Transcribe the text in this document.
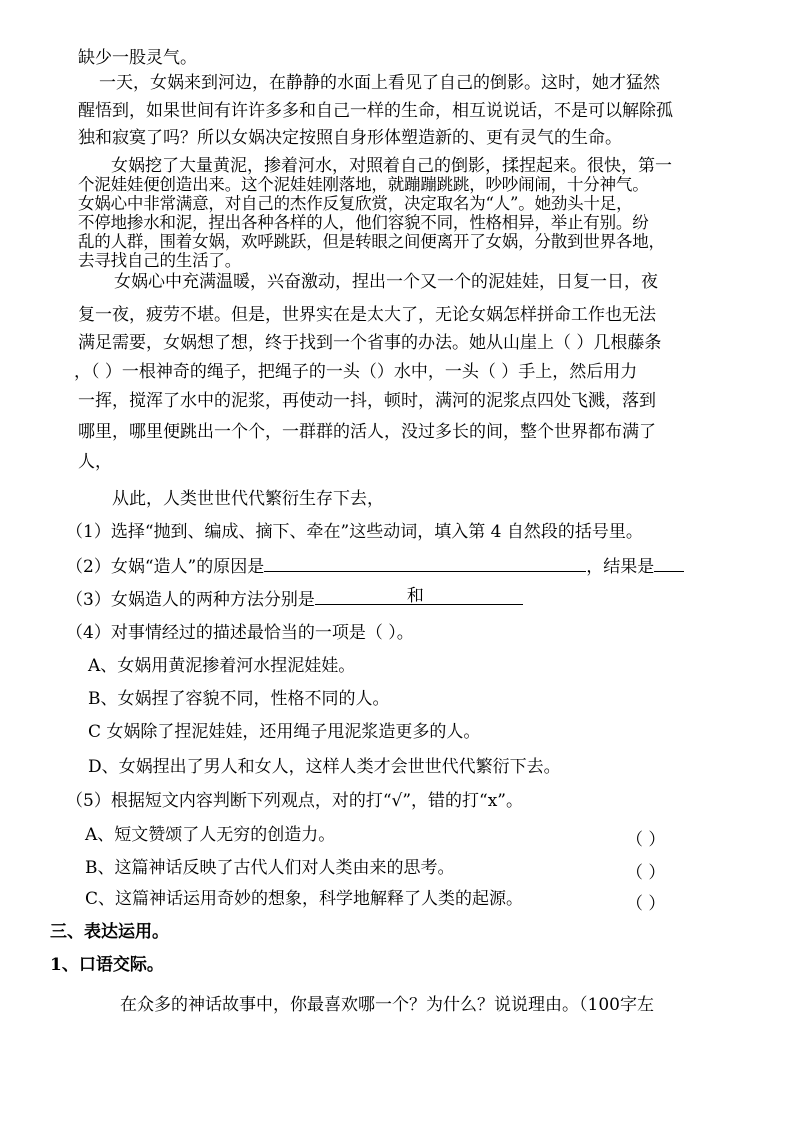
缺少一股灵气。
一天，女娲来到河边，在静静的水面上看见了自己的倒影。这时，她才猛然
醒悟到，如果世间有许许多多和自己一样的生命，相互说说话，不是可以解除孤
独和寂寞了吗？所以女娲决定按照自身形体塑造新的、更有灵气的生命。
女娲挖了大量黄泥，掺着河水，对照着自己的倒影，揉捏起来。很快，第一
个泥娃娃便创造出来。这个泥娃娃刚落地，就蹦蹦跳跳，吵吵闹闹，十分神气。
女娲心中非常满意，对自己的杰作反复欣赏，决定取名为“人”。她劲头十足，
不停地掺水和泥，捏出各种各样的人，他们容貌不同，性格相异，举止有别。纷
乱的人群，围着女娲，欢呼跳跃，但是转眼之间便离开了女娲，分散到世界各地，
去寻找自己的生活了。
女娲心中充满温暖，兴奋激动，捏出一个又一个的泥娃娃，日复一日，夜
复一夜，疲劳不堪。但是，世界实在是太大了，无论女娲怎样拼命工作也无法
满足需要，女娲想了想，终于找到一个省事的办法。她从山崖上（ ）几根藤条
，（ ）一根神奇的绳子，把绳子的一头（）水中，一头（ ）手上，然后用力
一挥，搅浑了水中的泥浆，再使动一抖，顿时，满河的泥浆点四处飞溅，落到
哪里，哪里便跳出一个个，一群群的活人，没过多长的间，整个世界都布满了
人，
从此，人类世世代代繁衍生存下去，
（1）选择“抛到、编成、摘下、牵在”这些动词，填入第 4 自然段的括号里。
（2）女娲“造人”的原因是	，结果是
（3）女娲造人的两种方法分别是	和
（4）对事情经过的描述最恰当的一项是（ ）。
A、女娲用黄泥掺着河水捏泥娃娃。
B、女娲捏了容貌不同，性格不同的人。
C 女娲除了捏泥娃娃，还用绳子甩泥浆造更多的人。
D、女娲捏出了男人和女人，这样人类才会世世代代繁衍下去。
（5）根据短文内容判断下列观点，对的打“√”，错的打“x”。
A、短文赞颂了人无穷的创造力。	（ ）
B、这篇神话反映了古代人们对人类由来的思考。	（ ）
C、这篇神话运用奇妙的想象，科学地解释了人类的起源。	（ ）
三、表达运用。
1、口语交际。
在众多的神话故事中，你最喜欢哪一个？为什么？说说理由。（100字左
